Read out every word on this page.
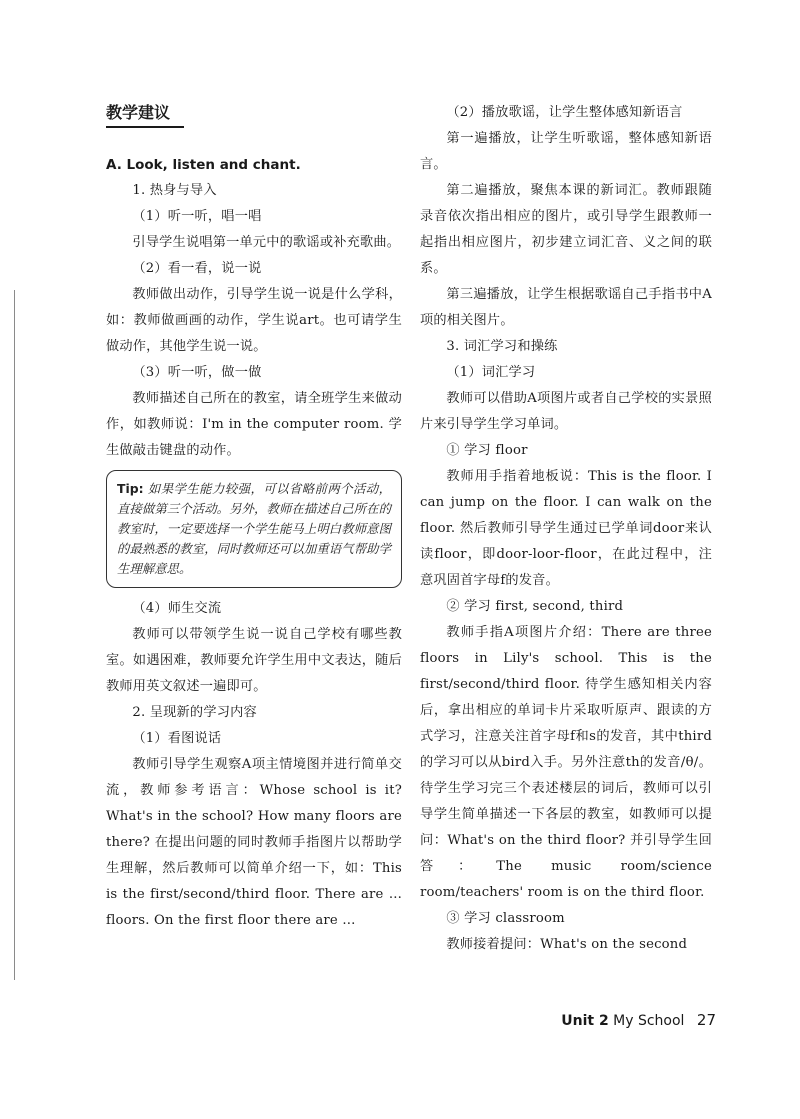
教学建议
A. Look, listen and chant.

1. 热身与导入

（1）听一听，唱一唱

引导学生说唱第一单元中的歌谣或补充歌曲。

（2）看一看，说一说

教师做出动作，引导学生说一说是什么学科，如：教师做画画的动作，学生说art。也可请学生做动作，其他学生说一说。

（3）听一听，做一做

教师描述自己所在的教室，请全班学生来做动作，如教师说：I'm in the computer room. 学生做敲击键盘的动作。

Tip: 如果学生能力较强，可以省略前两个活动，直接做第三个活动。另外，教师在描述自己所在的教室时，一定要选择一个学生能马上明白教师意图的最熟悉的教室，同时教师还可以加重语气帮助学生理解意思。

（4）师生交流

教师可以带领学生说一说自己学校有哪些教室。如遇困难，教师要允许学生用中文表达，随后教师用英文叙述一遍即可。

2. 呈现新的学习内容

（1）看图说话

教师引导学生观察A项主情境图并进行简单交流，教师参考语言：Whose school is it? What's in the school? How many floors are there? 在提出问题的同时教师手指图片以帮助学生理解，然后教师可以简单介绍一下，如：This is the first/second/third floor. There are ... floors. On the first floor there are ...

（2）播放歌谣，让学生整体感知新语言

第一遍播放，让学生听歌谣，整体感知新语言。

第二遍播放，聚焦本课的新词汇。教师跟随录音依次指出相应的图片，或引导学生跟教师一起指出相应图片，初步建立词汇音、义之间的联系。

第三遍播放，让学生根据歌谣自己手指书中A项的相关图片。

3. 词汇学习和操练

（1）词汇学习

教师可以借助A项图片或者自己学校的实景照片来引导学生学习单词。

① 学习 floor

教师用手指着地板说：This is the floor. I can jump on the floor. I can walk on the floor. 然后教师引导学生通过已学单词door来认读floor，即door-loor-floor，在此过程中，注意巩固首字母f的发音。

② 学习 first, second, third

教师手指A项图片介绍：There are three floors in Lily's school. This is the first/second/third floor. 待学生感知相关内容后，拿出相应的单词卡片采取听原声、跟读的方式学习，注意关注首字母f和s的发音，其中third的学习可以从bird入手。另外注意th的发音/θ/。待学生学习完三个表述楼层的词后，教师可以引导学生简单描述一下各层的教室，如教师可以提问：What's on the third floor? 并引导学生回答：The music room/science room/teachers' room is on the third floor.

③ 学习 classroom

教师接着提问：What's on the second

Unit 2 My School 27
